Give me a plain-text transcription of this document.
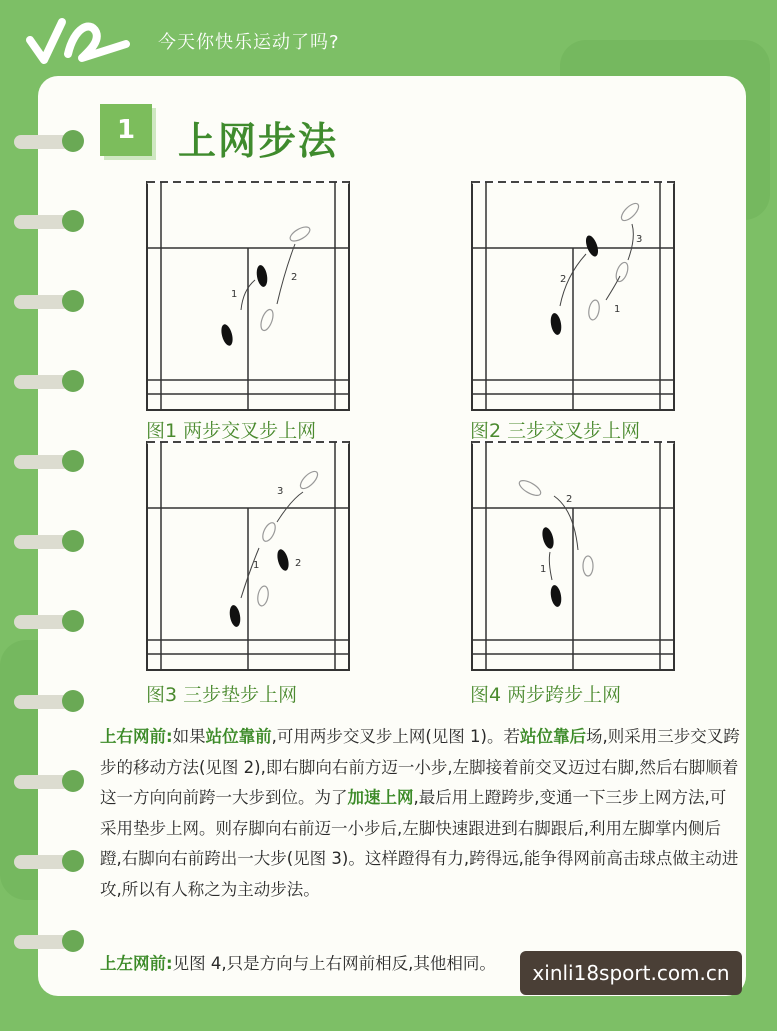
今天你快乐运动了吗?
1	上网步法
1
2
图1 两步交叉步上网
2
1
3
图2 三步交叉步上网
1	2
3
图3 三步垫步上网
1
2
图4 两步跨步上网
上右网前:如果站位靠前,可用两步交叉步上网(见图 1)。若站位靠后场,则采用三步交叉跨步的移动方法(见图 2),即右脚向右前方迈一小步,左脚接着前交叉迈过右脚,然后右脚顺着这一方向向前跨一大步到位。为了加速上网,最后用上蹬跨步,变通一下三步上网方法,可采用垫步上网。则存脚向右前迈一小步后,左脚快速跟进到右脚跟后,利用左脚掌内侧后蹬,右脚向右前跨出一大步(见图 3)。这样蹬得有力,跨得远,能争得网前高击球点做主动进攻,所以有人称之为主动步法。
上左网前:见图 4,只是方向与上右网前相反,其他相同。	xinli18sport.com.cn
